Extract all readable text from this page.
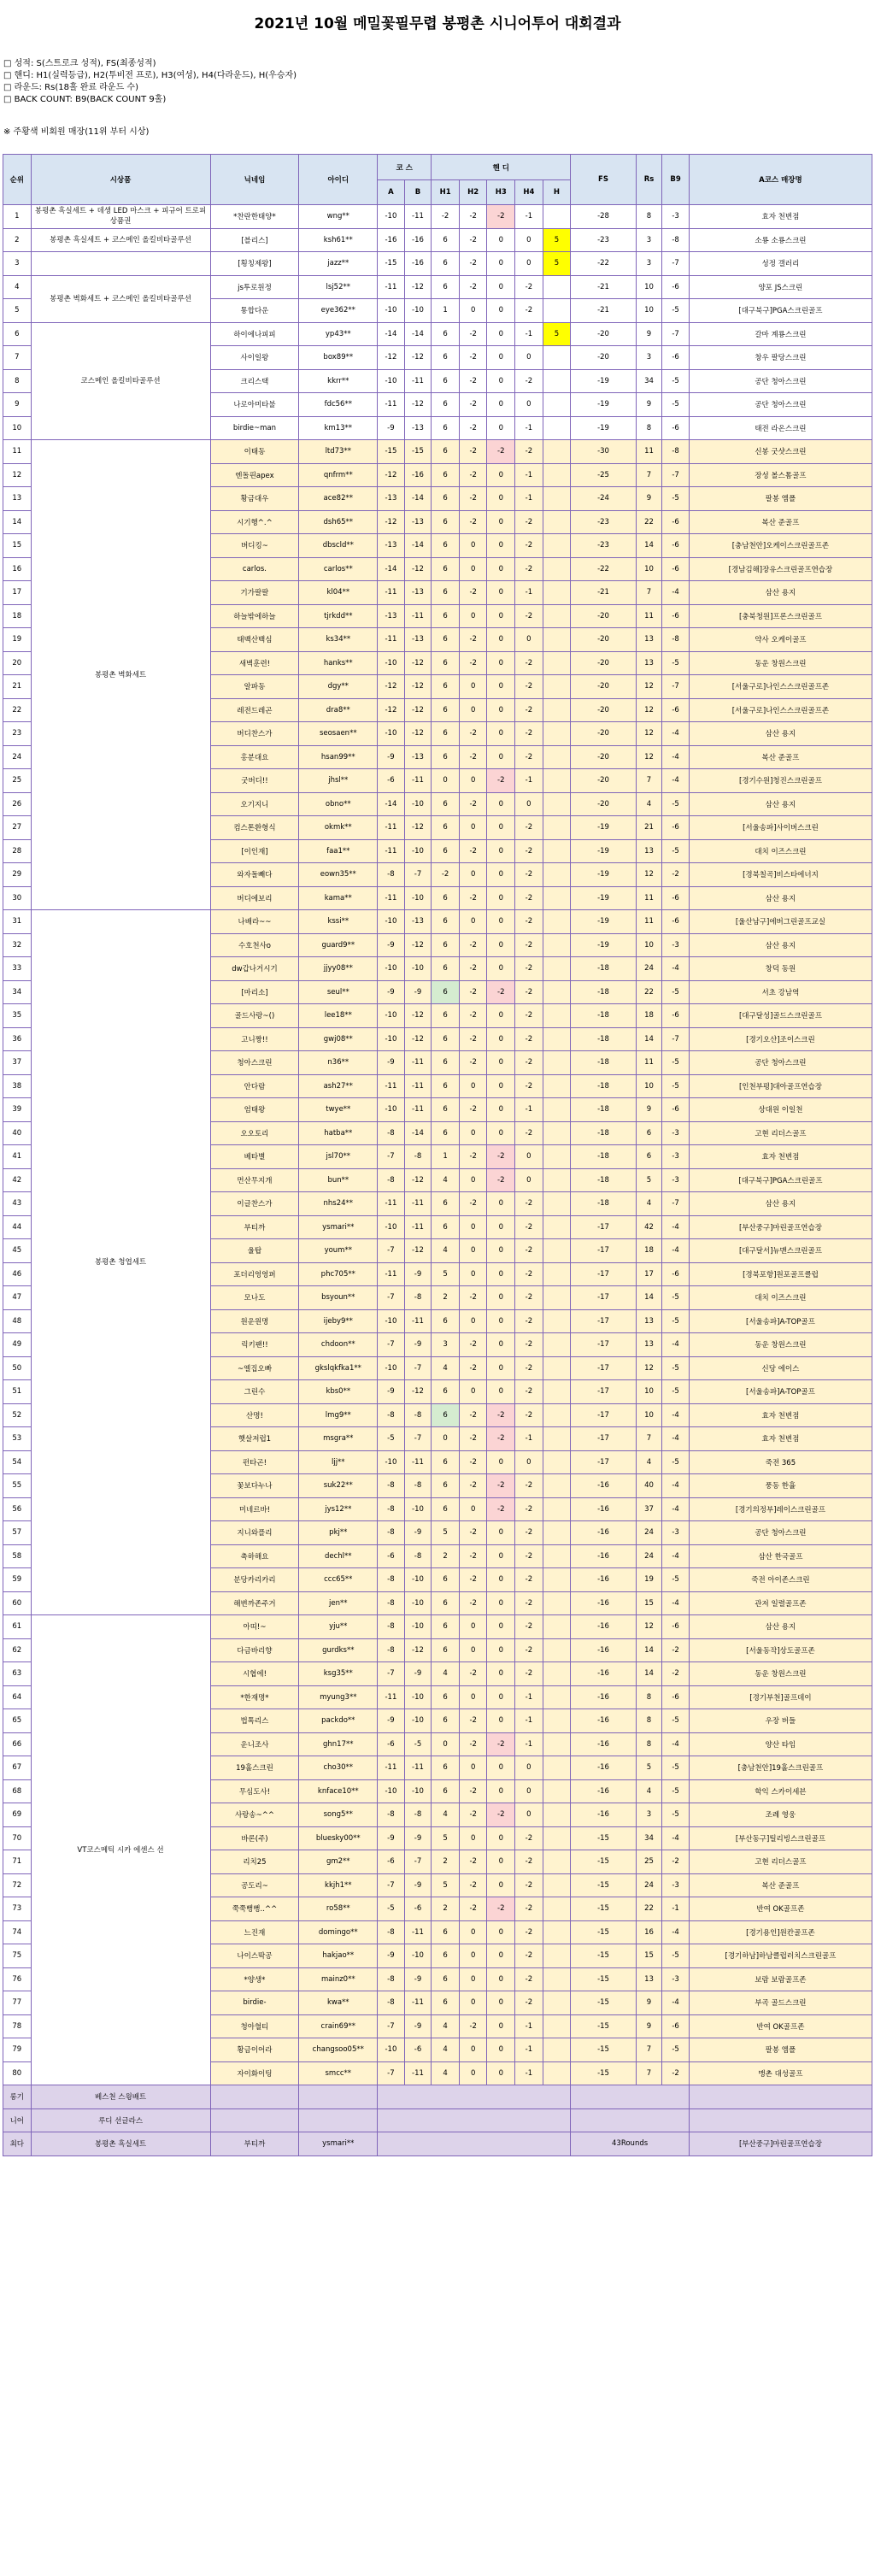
2021년 10월 메밀꽃필무렵 봉평촌 시니어투어 대회결과
□ 성적: S(스트로크 성적), FS(최종성적)
□ 핸디: H1(실력등급), H2(투비전 프로), H3(여성), H4(다라운드), H(우승자)
□ 라운드: Rs(18홀 완료 라운드 수)
□ BACK COUNT: B9(BACK COUNT 9홀)
※ 주황색 비회원 매장(11위 부터 시상)
순위	시상품	닉네임	아이디	코 스		핸 디					FS	Rs	B9	A코스 매장명
				A	B	H1	H2	H3	H4	H				
1	봉평촌 흑실세트 + 데생 LED 마스크 + 피규어 트로피 상품권	*찬란한태양*	wng**	-10	-11	-2	-2	-2	-1		-28	8	-3	효자 천변점
2	봉평촌 흑실세트 + 코스메인 올킬비타골루션	[블리스]	ksh61**	-16	-16	6	-2	0	0	5	-23	3	-8	소룡 소룡스크린
3		[횡칭제왕]	jazz**	-15	-16	6	-2	0	0	5	-22	3	-7	성정 갤러리
4	봉평촌 벽화세트 + 코스메인 올킬비타골루션	js투로원정	lsj52**	-11	-12	6	-2	0	-2		-21	10	-6	양포 JS스크린
5		통합다운	eye362**	-10	-10	1	0	0	-2		-21	10	-5	[대구북구]PGA스크린골프
6	코스메인 올킬비타골루션	하이에나피피	yp43**	-14	-14	6	-2	0	-1	5	-20	9	-7	갈마 계룡스크린
7		사이일왕	box89**	-12	-12	6	-2	0	0		-20	3	-6	창우 팔당스크린
8		크리스택	kkrr**	-10	-11	6	-2	0	-2		-19	34	-5	공단 청아스크린
9		나로아미타불	fdc56**	-11	-12	6	-2	0	0		-19	9	-5	공단 청아스크린
10		birdie~man	km13**	-9	-13	6	-2	0	-1		-19	8	-6	태전 라온스크린
11	봉평촌 벽화세트	이태동	ltd73**	-15	-15	6	-2	-2	-2		-30	11	-8	신봉 굿샷스크린
12		엔돌핀apex	qnfrm**	-12	-16	6	-2	0	-1		-25	7	-7	장성 볼스톰골프
13		황금대우	ace82**	-13	-14	6	-2	0	-1		-24	9	-5	팔봉 엠폴
14		시기행^.^	dsh65**	-12	-13	6	-2	0	-2		-23	22	-6	복산 준골프
15		버디킹~	dbscld**	-13	-14	6	0	0	-2		-23	14	-6	[충남천안]오케이스크린골프존
16		carlos.	carlos**	-14	-12	6	0	0	-2		-22	10	-6	[경남김해]장유스크린골프연습장
17		기가팔팔	kl04**	-11	-13	6	-2	0	-1		-21	7	-4	삼산 용지
18		하늘밖에하늘	tjrkdd**	-13	-11	6	0	0	-2		-20	11	-6	[충북청원]프론스크린골프
19		태백산백심	ks34**	-11	-13	6	-2	0	0		-20	13	-8	약사 오케이골프
20		새벽훈련!	hanks**	-10	-12	6	-2	0	-2		-20	13	-5	동운 창원스크린
21		알파동	dgy**	-12	-12	6	0	0	-2		-20	12	-7	[서울구로]나인스스크린골프존
22		레전드레곤	dra8**	-12	-12	6	0	0	-2		-20	12	-6	[서울구로]나인스스크린골프존
23		버디찬스가	seosaen**	-10	-12	6	-2	0	-2		-20	12	-4	삼산 용지
24		홍분대요	hsan99**	-9	-13	6	-2	0	-2		-20	12	-4	복산 준골프
25		굿버디!!	jhsl**	-6	-11	0	0	-2	-1		-20	7	-4	[경기수원]청진스크린골프
26		오기지니	obno**	-14	-10	6	-2	0	0		-20	4	-5	삼산 용지
27		컴스톤환형식	okmk**	-11	-12	6	0	0	-2		-19	21	-6	[서울송파]사이버스크린
28		[이인재]	faa1**	-11	-10	6	-2	0	-2		-19	13	-5	대치 이즈스크린
29		와자돌빼다	eown35**	-8	-7	-2	0	0	-2		-19	12	-2	[경북칠곡]비스타에너지
30		버디에보리	kama**	-11	-10	6	-2	0	-2		-19	11	-6	삼산 용지
31	봉평촌 청엽세트	나배라~~	kssi**	-10	-13	6	0	0	-2		-19	11	-6	[울산남구]에버그린골프교실
32		수호천사o	guard9**	-9	-12	6	-2	0	-2		-19	10	-3	삼산 용지
33		dw갑나거시기	jjyy08**	-10	-10	6	-2	0	-2		-18	24	-4	창덕 동원
34		[마리소]	seul**	-9	-9	6	-2	-2	-2		-18	22	-5	서초 강남역
35		골드사랑~()	lee18**	-10	-12	6	-2	0	-2		-18	18	-6	[대구달성]골드스크린골프
36		고니짱!!	gwj08**	-10	-12	6	-2	0	-2		-18	14	-7	[경기오산]조이스크린
37		청아스크린	n36**	-9	-11	6	-2	0	-2		-18	11	-5	공단 청아스크린
38		안다람	ash27**	-11	-11	6	0	0	-2		-18	10	-5	[인천부평]대아골프연습장
39		엄태왕	twye**	-10	-11	6	-2	0	-1		-18	9	-6	상대원 이일천
40		오오토리	hatba**	-8	-14	6	0	0	-2		-18	6	-3	고현 리더스골프
41		베타별	jsl70**	-7	-8	1	-2	-2	0		-18	6	-3	효자 천변점
42		먼산무지개	bun**	-8	-12	4	0	-2	0		-18	5	-3	[대구북구]PGA스크린골프
43		이글찬스가	nhs24**	-11	-11	6	-2	0	-2		-18	4	-7	삼산 용지
44		부티까	ysmari**	-10	-11	6	0	0	-2		-17	42	-4	[부산중구]마린골프연습장
45		울탑	youm**	-7	-12	4	0	0	-2		-17	18	-4	[대구달서]뉴맨스크린골프
46		포더리엉엉퍼	phc705**	-11	-9	5	0	0	-2		-17	17	-6	[경북포항]원포골프클럽
47		모나도	bsyoun**	-7	-8	2	-2	0	-2		-17	14	-5	대치 이즈스크린
48		원운원명	ijeby9**	-10	-11	6	0	0	-2		-17	13	-5	[서울송파]A-TOP골프
49		릭키팬!!	chdoon**	-7	-9	3	-2	0	-2		-17	13	-4	동운 창원스크린
50		~엘집오빠	gkslqkfka1**	-10	-7	4	-2	0	-2		-17	12	-5	신당 에이스
51		그린수	kbs0**	-9	-12	6	0	0	-2		-17	10	-5	[서울송파]A-TOP골프
52		산명!	lmg9**	-8	-8	6	-2	-2	-2		-17	10	-4	효자 천변점
53		햇살저럽1	msgra**	-5	-7	0	-2	-2	-1		-17	7	-4	효자 천변점
54		펀타곤!	ljj**	-10	-11	6	-2	0	0		-17	4	-5	죽전 365
55		꽃보다누나	suk22**	-8	-8	6	-2	-2	-2		-16	40	-4	풍동 한휼
56		미네르바!	jys12**	-8	-10	6	0	-2	-2		-16	37	-4	[경기의정부]레이스크린골프
57		지니와플리	pkj**	-8	-9	5	-2	0	-2		-16	24	-3	공단 청아스크린
58		축하해요	dechl**	-6	-8	2	-2	0	-2		-16	24	-4	삼산 한국골프
59		분당카리카리	ccc65**	-8	-10	6	-2	0	-2		-16	19	-5	죽전 아이존스크린
60		해변까존주거	jen**	-8	-10	6	-2	0	-2		-16	15	-4	관저 일렬골프존
61	VT코스메틱 시카 에센스 선	아띠!~	yju**	-8	-10	6	0	0	-2		-16	12	-6	삼산 용지
62		다금바리향	gurdks**	-8	-12	6	0	0	-2		-16	14	-2	[서울동작]상도골프존
63		시협에!	ksg35**	-7	-9	4	-2	0	-2		-16	14	-2	동운 창원스크린
64		*한재명*	myung3**	-11	-10	6	0	0	-1		-16	8	-6	[경기부천]골프데이
65		법톡리스	packdo**	-9	-10	6	-2	0	-1		-16	8	-5	우장 버들
66		운니조사	ghn17**	-6	-5	0	-2	-2	-1		-16	8	-4	양산 타임
67		19홀스크린	cho30**	-11	-11	6	0	0	0		-16	5	-5	[충남천안]19홀스크린골프
68		무심도사!	knface10**	-10	-10	6	-2	0	0		-16	4	-5	학익 스카이세븐
69		사랑송~^^	song5**	-8	-8	4	-2	-2	0		-16	3	-5	조례 영웅
70		바론(주)	bluesky00**	-9	-9	5	0	0	-2		-15	34	-4	[부산동구]틸리빙스크린골프
71		리치25	gm2**	-6	-7	2	-2	0	-2		-15	25	-2	고현 리더스골프
72		공도리~	kkjh1**	-7	-9	5	-2	0	-2		-15	24	-3	복산 준골프
73		쭉쭉뻥뻥..^^	ro58**	-5	-6	2	-2	-2	-2		-15	22	-1	반여 OK골프존
74		느진재	domingo**	-8	-11	6	0	0	-2		-15	16	-4	[경기용인]원칸골프존
75		나이스딱공	hakjao**	-9	-10	6	0	0	-2		-15	15	-5	[경기하남]하남클럽러치스크린골프
76		*양생*	mainz0**	-8	-9	6	0	0	-2		-15	13	-3	보람 보람골프존
77		birdie-	kwa**	-8	-11	6	0	0	-2		-15	9	-4	부곡 골드스크린
78		청아혈티	crain69**	-7	-9	4	-2	0	-1		-15	9	-6	반여 OK골프존
79		황금이어라	changsoo05**	-10	-6	4	0	0	-1		-15	7	-5	팔봉 엠폴
80		자이화이팅	smcc**	-7	-11	4	0	0	-1		-15	7	-2	맹촌 대성골프
롱기	베스천 스윙배트													
니어	루디 선글라스													
최다	봉평촌 흑실세트	부티까	ysmari**								43Rounds			[부산중구]마린골프연습장
